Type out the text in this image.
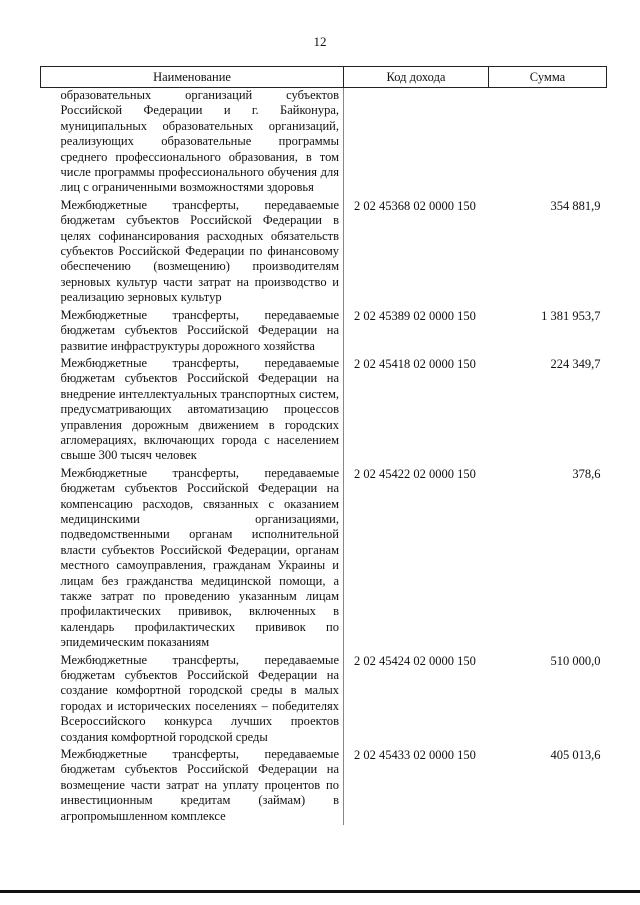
12
Наименование	Код дохода	Сумма
образовательных организаций субъектов Российской Федерации и г. Байконура, муниципальных образовательных организаций, реализующих образовательные программы среднего профессионального образования, в том числе программы профессионального обучения для лиц с ограниченными возможностями здоровья		
Межбюджетные трансферты, передаваемые бюджетам субъектов Российской Федерации в целях софинансирования расходных обязательств субъектов Российской Федерации по финансовому обеспечению (возмещению) производителям зерновых культур части затрат на производство и реализацию зерновых культур	2 02 45368 02 0000 150	354 881,9
Межбюджетные трансферты, передаваемые бюджетам субъектов Российской Федерации на развитие инфраструктуры дорожного хозяйства	2 02 45389 02 0000 150	1 381 953,7
Межбюджетные трансферты, передаваемые бюджетам субъектов Российской Федерации на внедрение интеллектуальных транспортных систем, предусматривающих автоматизацию процессов управления дорожным движением в городских агломерациях, включающих города с населением свыше 300 тысяч человек	2 02 45418 02 0000 150	224 349,7
Межбюджетные трансферты, передаваемые бюджетам субъектов Российской Федерации на компенсацию расходов, связанных с оказанием медицинскими организациями, подведомственными органам исполнительной власти субъектов Российской Федерации, органам местного самоуправления, гражданам Украины и лицам без гражданства медицинской помощи, а также затрат по проведению указанным лицам профилактических прививок, включенных в календарь профилактических прививок по эпидемическим показаниям	2 02 45422 02 0000 150	378,6
Межбюджетные трансферты, передаваемые бюджетам субъектов Российской Федерации на создание комфортной городской среды в малых городах и исторических поселениях – победителях Всероссийского конкурса лучших проектов создания комфортной городской среды	2 02 45424 02 0000 150	510 000,0
Межбюджетные трансферты, передаваемые бюджетам субъектов Российской Федерации на возмещение части затрат на уплату процентов по инвестиционным кредитам (займам) в агропромышленном комплексе	2 02 45433 02 0000 150	405 013,6
